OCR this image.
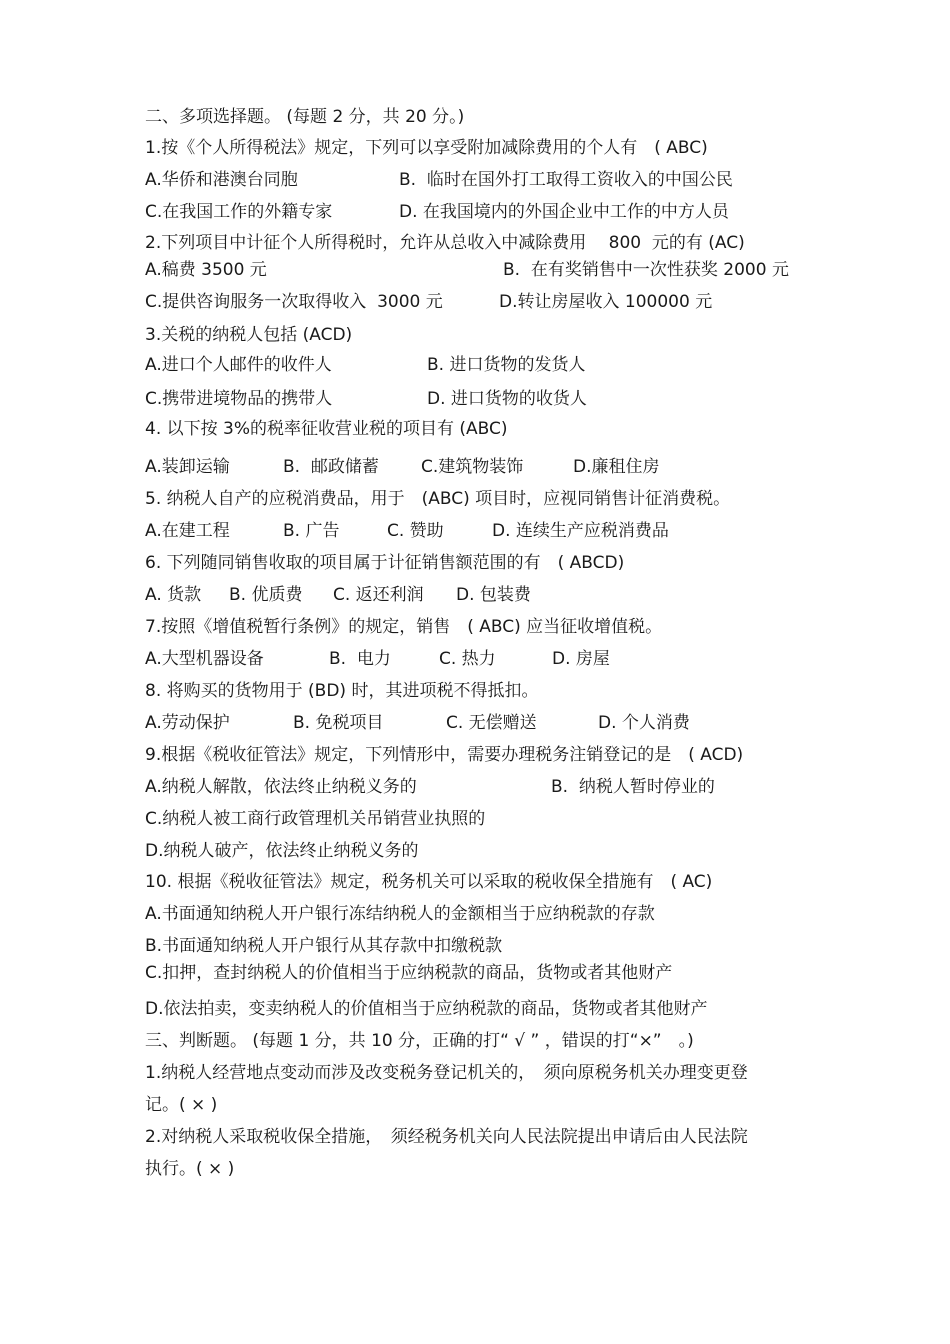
二、多项选择题。 (每题 2 分，共 20 分。)
1.按《个人所得税法》规定，下列可以享受附加减除费用的个人有　( ABC)
A.华侨和港澳台同胞	B.  临时在国外打工取得工资收入的中国公民
C.在我国工作的外籍专家	D. 在我国境内的外国企业中工作的中方人员
2.下列项目中计征个人所得税时，允许从总收入中减除费用　 800  元的有 (AC)
A.稿费 3500 元	B.  在有奖销售中一次性获奖 2000 元
C.提供咨询服务一次取得收入  3000 元	D.转让房屋收入 100000 元
3.关税的纳税人包括 (ACD)
A.进口个人邮件的收件人	B. 进口货物的发货人
C.携带进境物品的携带人	D. 进口货物的收货人
4. 以下按 3%的税率征收营业税的项目有 (ABC)
A.装卸运输	B.  邮政储蓄 C.建筑物装饰	D.廉租住房
5. 纳税人自产的应税消费品，用于　(ABC) 项目时，应视同销售计征消费税。
A.在建工程	B. 广告	C. 赞助	D. 连续生产应税消费品
6. 下列随同销售收取的项目属于计征销售额范围的有　( ABCD)
A. 货款 B. 优质费 C. 返还利润 D. 包装费
7.按照《增值税暂行条例》的规定，销售　( ABC) 应当征收增值税。
A.大型机器设备	B.  电力	C. 热力	D. 房屋
8. 将购买的货物用于 (BD) 时，其进项税不得抵扣。
A.劳动保护	B. 免税项目	C. 无偿赠送	D. 个人消费
9.根据《税收征管法》规定，下列情形中，需要办理税务注销登记的是　( ACD)
A.纳税人解散，依法终止纳税义务的	B.  纳税人暂时停业的
C.纳税人被工商行政管理机关吊销营业执照的
D.纳税人破产，依法终止纳税义务的
10. 根据《税收征管法》规定，税务机关可以采取的税收保全措施有　( AC)
A.书面通知纳税人开户银行冻结纳税人的金额相当于应纳税款的存款
B.书面通知纳税人开户银行从其存款中扣缴税款
C.扣押，查封纳税人的价值相当于应纳税款的商品，货物或者其他财产
D.依法拍卖，变卖纳税人的价值相当于应纳税款的商品，货物或者其他财产
三、判断题。 (每题 1 分，共 10 分，正确的打“ √ ” ，错误的打“×”　。)
1.纳税人经营地点变动而涉及改变税务登记机关的，　须向原税务机关办理变更登
记。( × )
2.对纳税人采取税收保全措施，　须经税务机关向人民法院提出申请后由人民法院
执行。( × )
